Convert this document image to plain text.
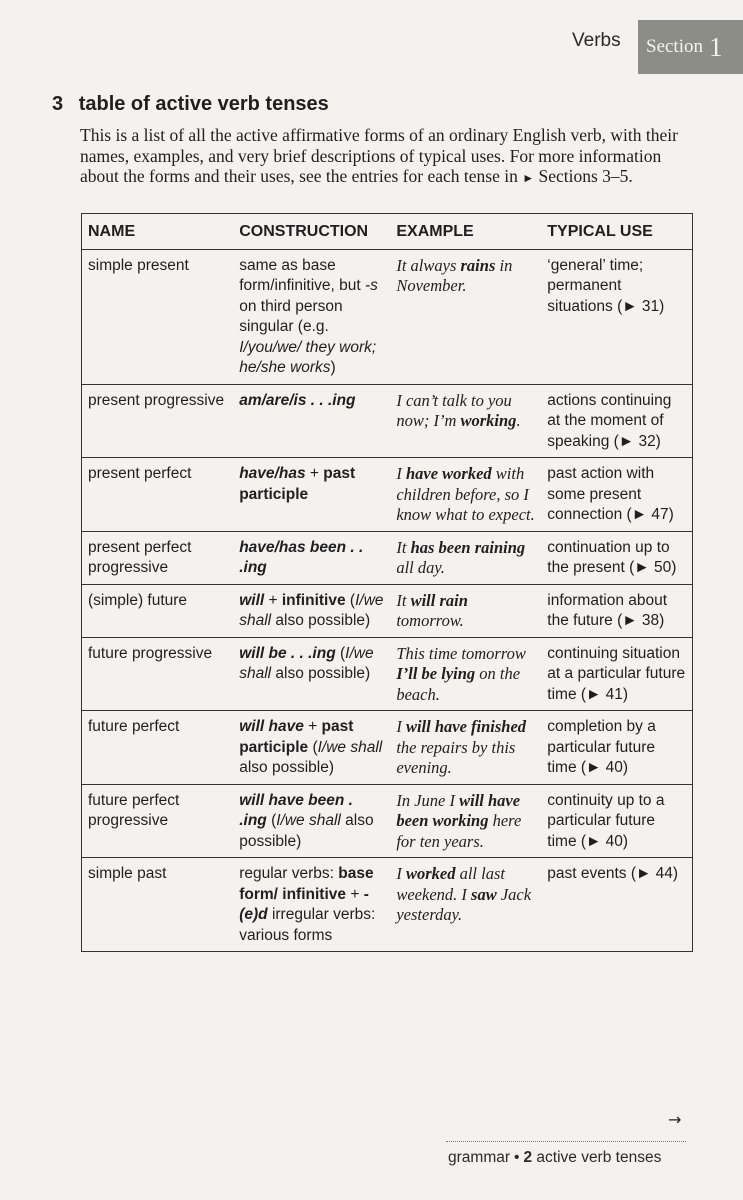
Verbs Section 1
3 table of active verb tenses
This is a list of all the active affirmative forms of an ordinary English verb, with their names, examples, and very brief descriptions of typical uses. For more information about the forms and their uses, see the entries for each tense in ► Sections 3–5.
NAME	CONSTRUCTION	EXAMPLE	TYPICAL USE
simple present	same as base form/infinitive, but -s on third person singular (e.g. I/you/we/ they work; he/she works)	It always rains in November.	‘general’ time; permanent situations (► 31)
present progressive	am/are/is . . .ing	I can’t talk to you now; I’m working.	actions continuing at the moment of speaking (► 32)
present perfect	have/has + past participle	I have worked with children before, so I know what to expect.	past action with some present connection (► 47)
present perfect progressive	have/has been . . .ing	It has been raining all day.	continuation up to the present (► 50)
(simple) future	will + infinitive (I/we shall also possible)	It will rain tomorrow.	information about the future (► 38)
future progressive	will be . . .ing (I/we shall also possible)	This time tomorrow I’ll be lying on the beach.	continuing situation at a particular future time (► 41)
future perfect	will have + past participle (I/we shall also possible)	I will have finished the repairs by this evening.	completion by a particular future time (► 40)
future perfect progressive	will have been . .ing (I/we shall also possible)	In June I will have been working here for ten years.	continuity up to a particular future time (► 40)
simple past	regular verbs: base form/ infinitive + -(e)d irregular verbs: various forms	I worked all last weekend. I saw Jack yesterday.	past events (► 44)
→
grammar • 2 active verb tenses
